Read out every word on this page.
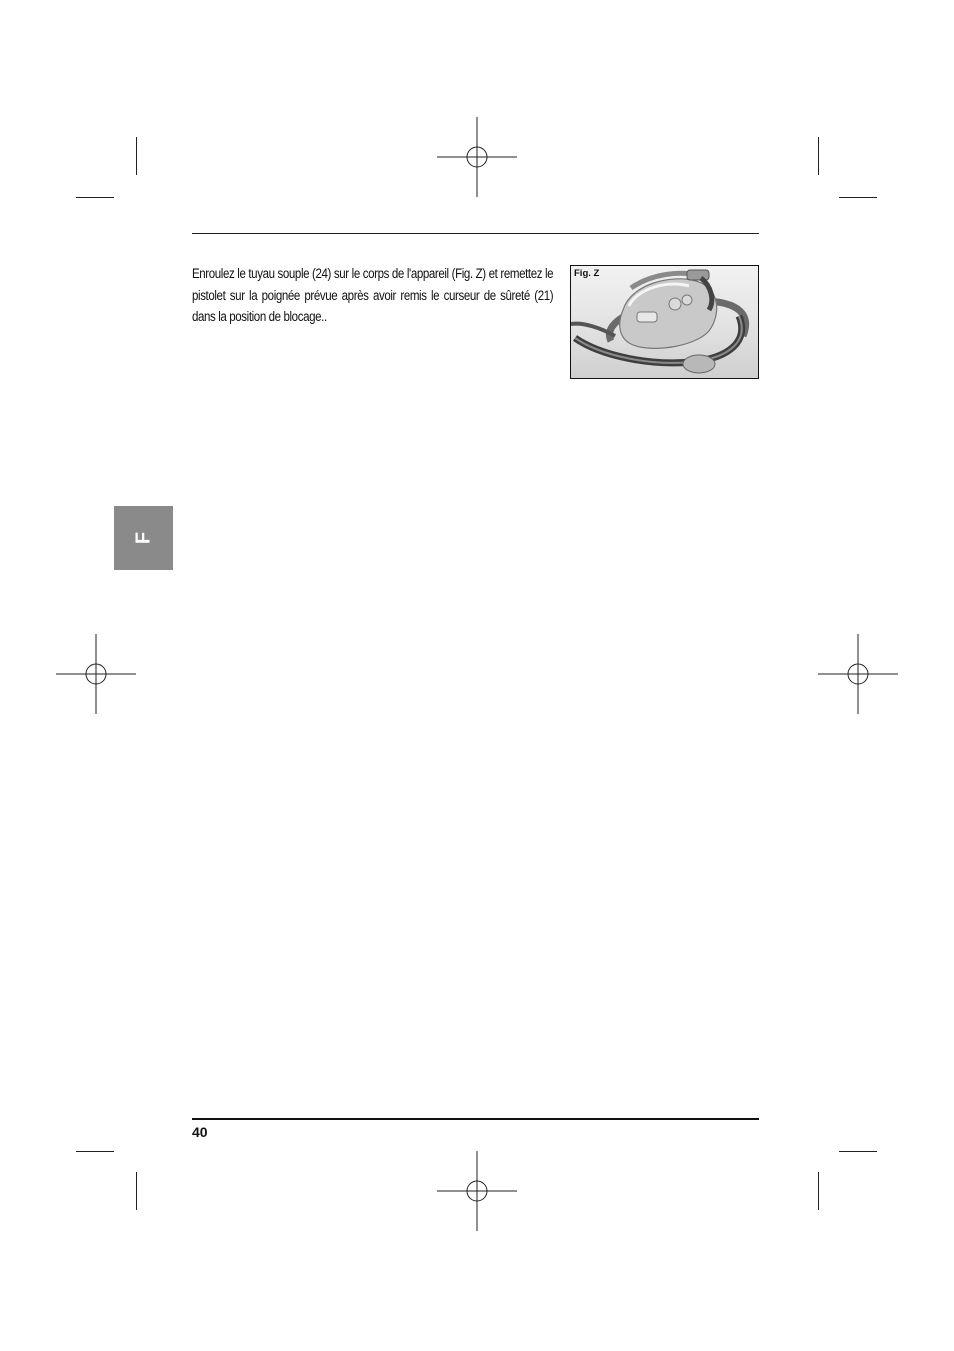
Enroulez le tuyau souple (24) sur le corps de l'appareil (Fig. Z) et remettez le pistolet sur la poignée prévue après avoir remis le curseur de sûreté (21) dans la position de blocage..
Fig. Z
F
40
